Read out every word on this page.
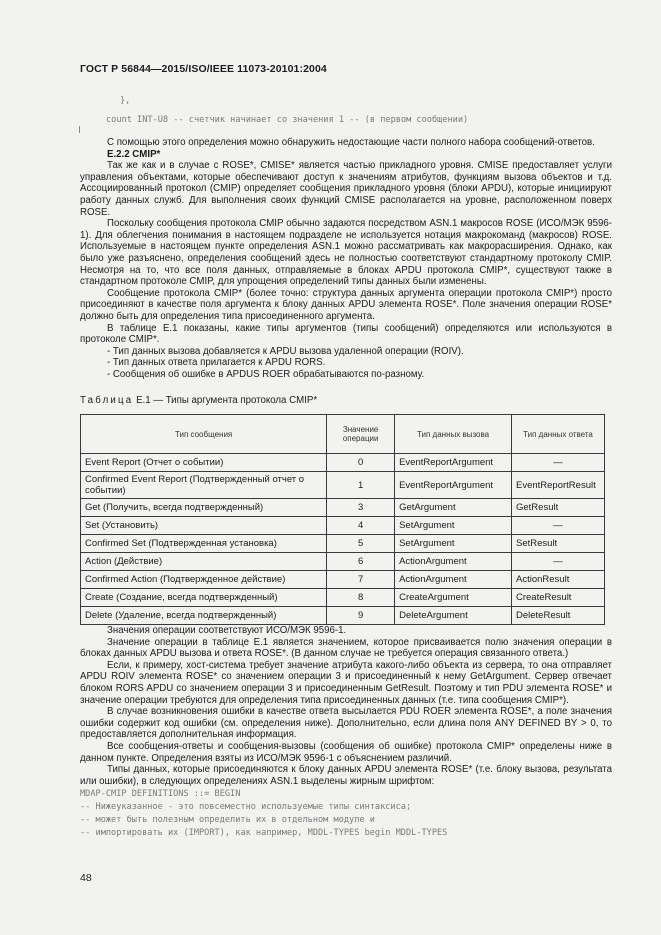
ГОСТ Р 56844—2015/ISO/IEEE 11073-20101:2004
},
count INT-U8 -- счетчик начинает со значения 1 -- (в первом сообщении)

С помощью этого определения можно обнаружить недостающие части полного набора сообщений-ответов.

E.2.2 CMIP*

Так же как и в случае с ROSE*, CMISE* является частью прикладного уровня. CMISE предоставляет услуги управления объектами, которые обеспечивают доступ к значениям атрибутов, функциям вызова объектов и т.д. Ассоциированный протокол (CMIP) определяет сообщения прикладного уровня (блоки APDU), которые инициируют работу данных служб. Для выполнения своих функций CMISE располагается на уровне, расположенном поверх ROSE.

Поскольку сообщения протокола CMIP обычно задаются посредством ASN.1 макросов ROSE (ИСО/МЭК 9596-1). Для облегчения понимания в настоящем подразделе не используется нотация макрокоманд (макросов) ROSE. Используемые в настоящем пункте определения ASN.1 можно рассматривать как макрорасширения. Однако, как было уже разъяснено, определения сообщений здесь не полностью соответствуют стандартному протоколу CMIP. Несмотря на то, что все поля данных, отправляемые в блоках APDU протокола CMIP*, существуют также в стандартном протоколе CMIP, для упрощения определений типы данных были изменены.

Сообщение протокола CMIP* (более точно: структура данных аргумента операции протокола CMIP*) просто присоединяют в качестве поля аргумента к блоку данных APDU элемента ROSE*. Поле значения операции ROSE* должно быть для определения типа присоединенного аргумента.

В таблице E.1 показаны, какие типы аргументов (типы сообщений) определяются или используются в протоколе CMIP*.

- Тип данных вызова добавляется к APDU вызова удаленной операции (ROIV).

- Тип данных ответа прилагается к APDU RORS.

- Сообщения об ошибке в APDUS ROER обрабатываются по-разному.

Таблица E.1 — Типы аргумента протокола CMIP*
Тип сообщения	Значение операции	Тип данных вызова	Тип данных ответа
Event Report (Отчет о событии)	0	EventReportArgument	—
Confirmed Event Report (Подтвержденный отчет о событии)	1	EventReportArgument	EventReportResult
Get (Получить, всегда подтвержденный)	3	GetArgument	GetResult
Set (Установить)	4	SetArgument	—
Confirmed Set (Подтвержденная установка)	5	SetArgument	SetResult
Action (Действие)	6	ActionArgument	—
Confirmed Action (Подтвержденное действие)	7	ActionArgument	ActionResult
Create (Создание, всегда подтвержденный)	8	CreateArgument	CreateResult
Delete (Удаление, всегда подтвержденный)	9	DeleteArgument	DeleteResult

Значения операции соответствуют ИСО/МЭК 9596-1.

Значение операции в таблице E.1 является значением, которое присваивается полю значения операции в блоках данных APDU вызова и ответа ROSE*. (В данном случае не требуется операция связанного ответа.)

Если, к примеру, хост-система требует значение атрибута какого-либо объекта из сервера, то она отправляет APDU ROIV элемента ROSE* со значением операции 3 и присоединенный к нему GetArgument. Сервер отвечает блоком RORS APDU со значением операции 3 и присоединенным GetResult. Поэтому и тип PDU элемента ROSE* и значение операции требуются для определения типа присоединенных данных (т.е. типа сообщения CMIP*).

В случае возникновения ошибки в качестве ответа высылается PDU ROER элемента ROSE*, а поле значения ошибки содержит код ошибки (см. определения ниже). Дополнительно, если длина поля ANY DEFINED BY > 0, то предоставляется дополнительная информация.

Все сообщения-ответы и сообщения-вызовы (сообщения об ошибке) протокола CMIP* определены ниже в данном пункте. Определения взяты из ИСО/МЭК 9596-1 с объяснением различий.

Типы данных, которые присоединяются к блоку данных APDU элемента ROSE* (т.е. блоку вызова, результата или ошибки), в следующих определениях ASN.1 выделены жирным шрифтом:

MDAP-CMIP DEFINITIONS ::= BEGIN
-- Нижеуказанное - это повсеместно используемые типы синтаксиса;
-- может быть полезным определить их в отдельном модуле и
-- импортировать их (IMPORT), как например, MDDL-TYPES begin MDDL-TYPES
48
